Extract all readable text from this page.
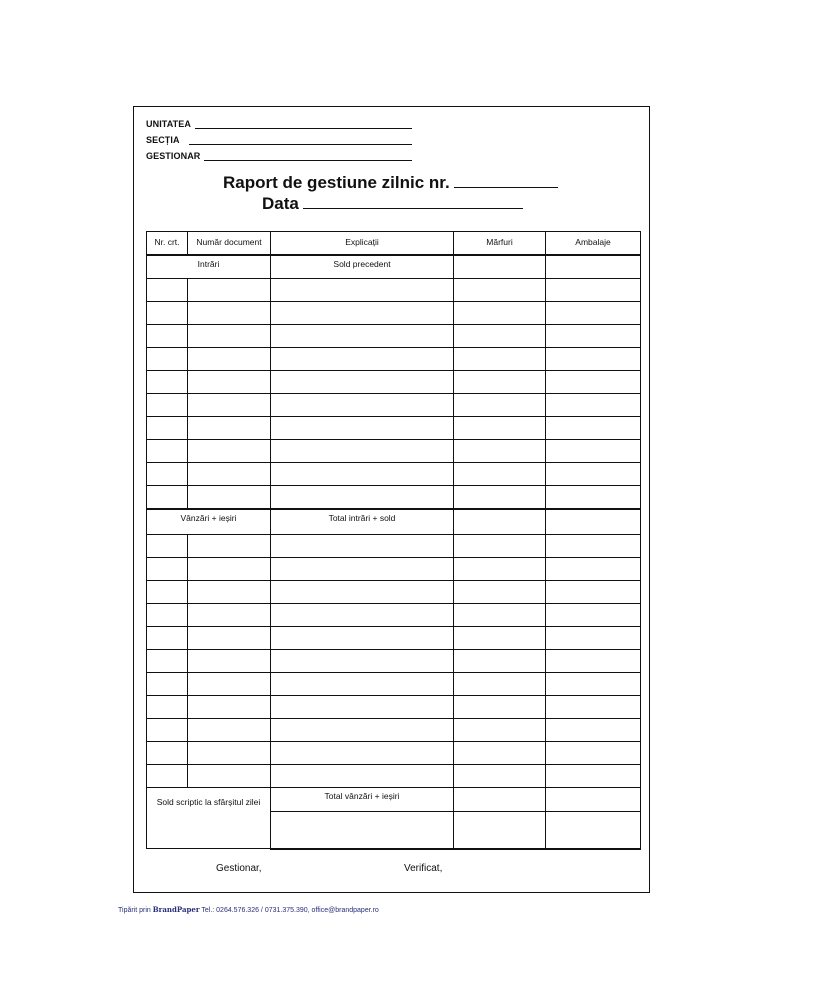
UNITATEA
SECȚIA
GESTIONAR
Raport de gestiune zilnic nr.
Data
Nr. crt.	Număr document	Explicații	Mărfuri	Ambalaje
Intrări		Sold precedent		

Vânzări + ieșiri		Total intrări + sold		

Sold scriptic la sfârșitul zilei		Total vânzări + ieșiri		

Gestionar,	Verificat,
Tipărit prin BrandPaper Tel.: 0264.576.326 / 0731.375.390, office@brandpaper.ro
